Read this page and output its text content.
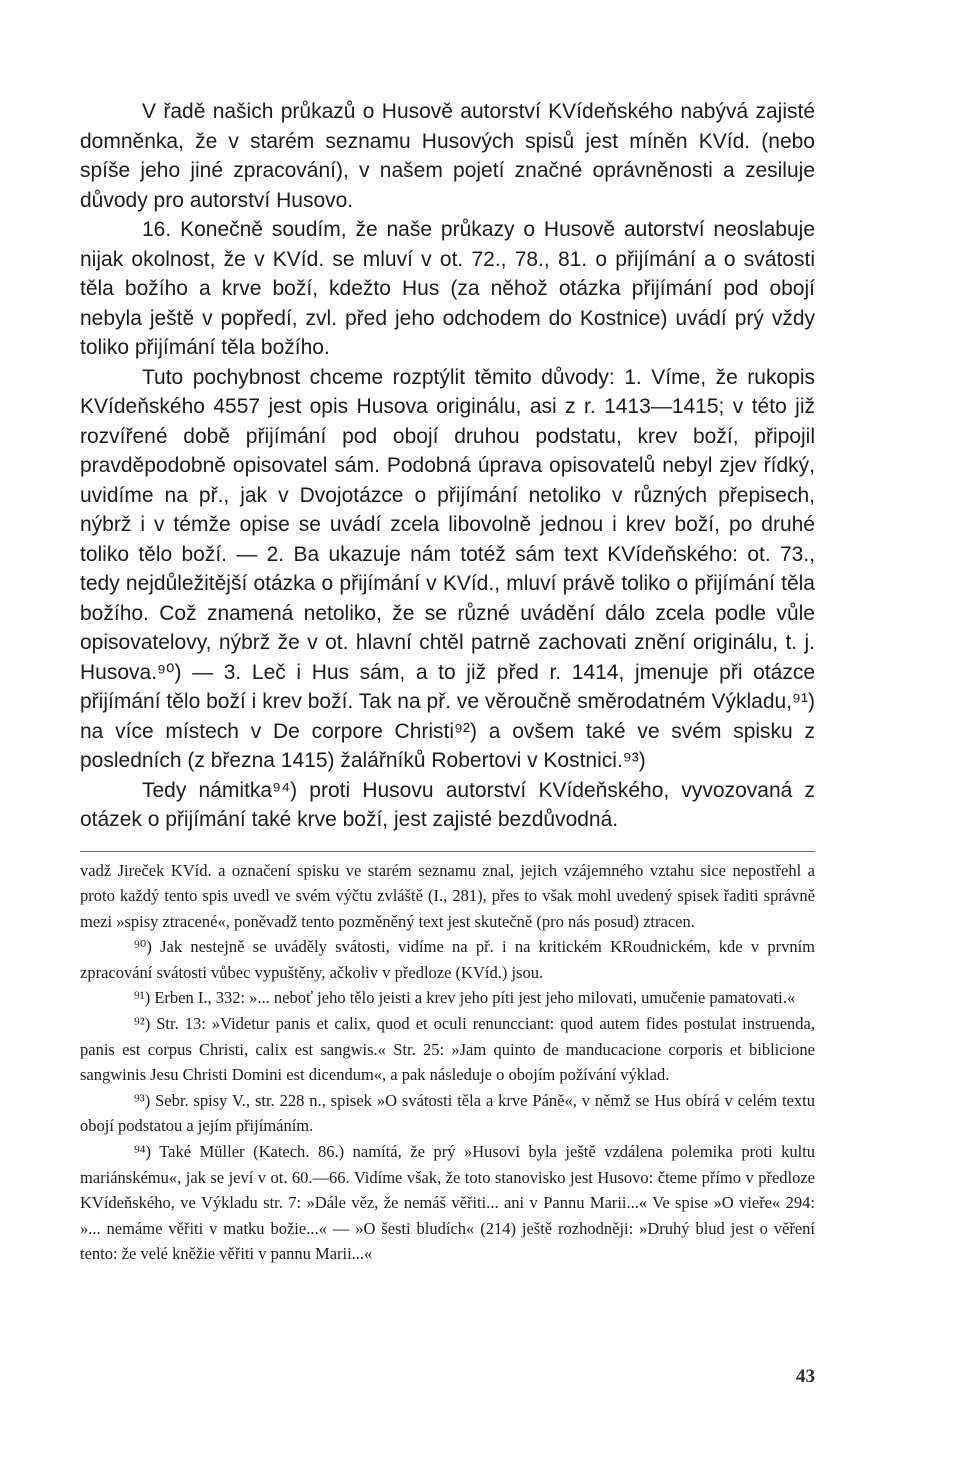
V řadě našich průkazů o Husově autorství KVídeňského nabývá zajisté domněnka, že v starém seznamu Husových spisů jest míněn KVíd. (nebo spíše jeho jiné zpracování), v našem pojetí značné oprávněnosti a zesiluje důvody pro autorství Husovo.

16. Konečně soudím, že naše průkazy o Husově autorství neoslabuje nijak okolnost, že v KVíd. se mluví v ot. 72., 78., 81. o přijímání a o svátosti těla božího a krve boží, kdežto Hus (za něhož otázka přijímání pod obojí nebyla ještě v popředí, zvl. před jeho odchodem do Kostnice) uvádí prý vždy toliko přijímání těla božího.

Tuto pochybnost chceme rozptýlit těmito důvody: 1. Víme, že rukopis KVídeňského 4557 jest opis Husova originálu, asi z r. 1413—1415; v této již rozvířené době přijímání pod obojí druhou podstatu, krev boží, připojil pravděpodobně opisovatel sám. Podobná úprava opisovatelů nebyl zjev řídký, uvidíme na př., jak v Dvojotázce o přijímání netoliko v různých přepisech, nýbrž i v témže opise se uvádí zcela libovolně jednou i krev boží, po druhé toliko tělo boží. — 2. Ba ukazuje nám totéž sám text KVídeňského: ot. 73., tedy nejdůležitější otázka o přijímání v KVíd., mluví právě toliko o přijímání těla božího. Což znamená netoliko, že se různé uvádění dálo zcela podle vůle opisovatelovy, nýbrž že v ot. hlavní chtěl patrně zachovati znění originálu, t. j. Husova.⁹⁰) — 3. Leč i Hus sám, a to již před r. 1414, jmenuje při otázce přijímání tělo boží i krev boží. Tak na př. ve věroučně směrodatném Výkladu,⁹¹) na více místech v De corpore Christi⁹²) a ovšem také ve svém spisku z posledních (z března 1415) žalářníků Robertovi v Kostnici.⁹³)

Tedy námitka⁹⁴) proti Husovu autorství KVídeňského, vyvozovaná z otázek o přijímání také krve boží, jest zajisté bezdůvodná.

vadž Jireček KVíd. a označení spisku ve starém seznamu znal, jejich vzájemného vztahu sice nepostřehl a proto každý tento spis uvedl ve svém výčtu zvláště (I., 281), přes to však mohl uvedený spisek řaditi správně mezi »spisy ztracené«, poněvadž tento pozměněný text jest skutečně (pro nás posud) ztracen.

⁹⁰) Jak nestejně se uváděly svátosti, vidíme na př. i na kritickém KRoudnickém, kde v prvním zpracování svátosti vůbec vypuštěny, ačkoliv v předloze (KVíd.) jsou.

⁹¹) Erben I., 332: »... neboť jeho tělo jeisti a krev jeho píti jest jeho milovati, umučenie pamatovati.«

⁹²) Str. 13: »Videtur panis et calix, quod et oculi renuncciant: quod autem fides postulat instruenda, panis est corpus Christi, calix est sangwis.« Str. 25: »Jam quinto de manducacione corporis et biblicione sangwinis Jesu Christi Domini est dicendum«, a pak následuje o obojím požívání výklad.

⁹³) Sebr. spisy V., str. 228 n., spisek »O svátosti těla a krve Páně«, v němž se Hus obírá v celém textu obojí podstatou a jejím přijímáním.

⁹⁴) Také Müller (Katech. 86.) namítá, že prý »Husovi byla ještě vzdálena polemika proti kultu mariánskému«, jak se jeví v ot. 60.—66. Vidíme však, že toto stanovisko jest Husovo: čteme přímo v předloze KVídeňského, ve Výkladu str. 7: »Dále věz, že nemáš věřiti... ani v Pannu Marii...« Ve spise »O vieře« 294: »... nemáme věřiti v matku božie...« — »O šesti bludích« (214) ještě rozhodněji: »Druhý blud jest o věření tento: že velé kněžie věřiti v pannu Marii...«

43
